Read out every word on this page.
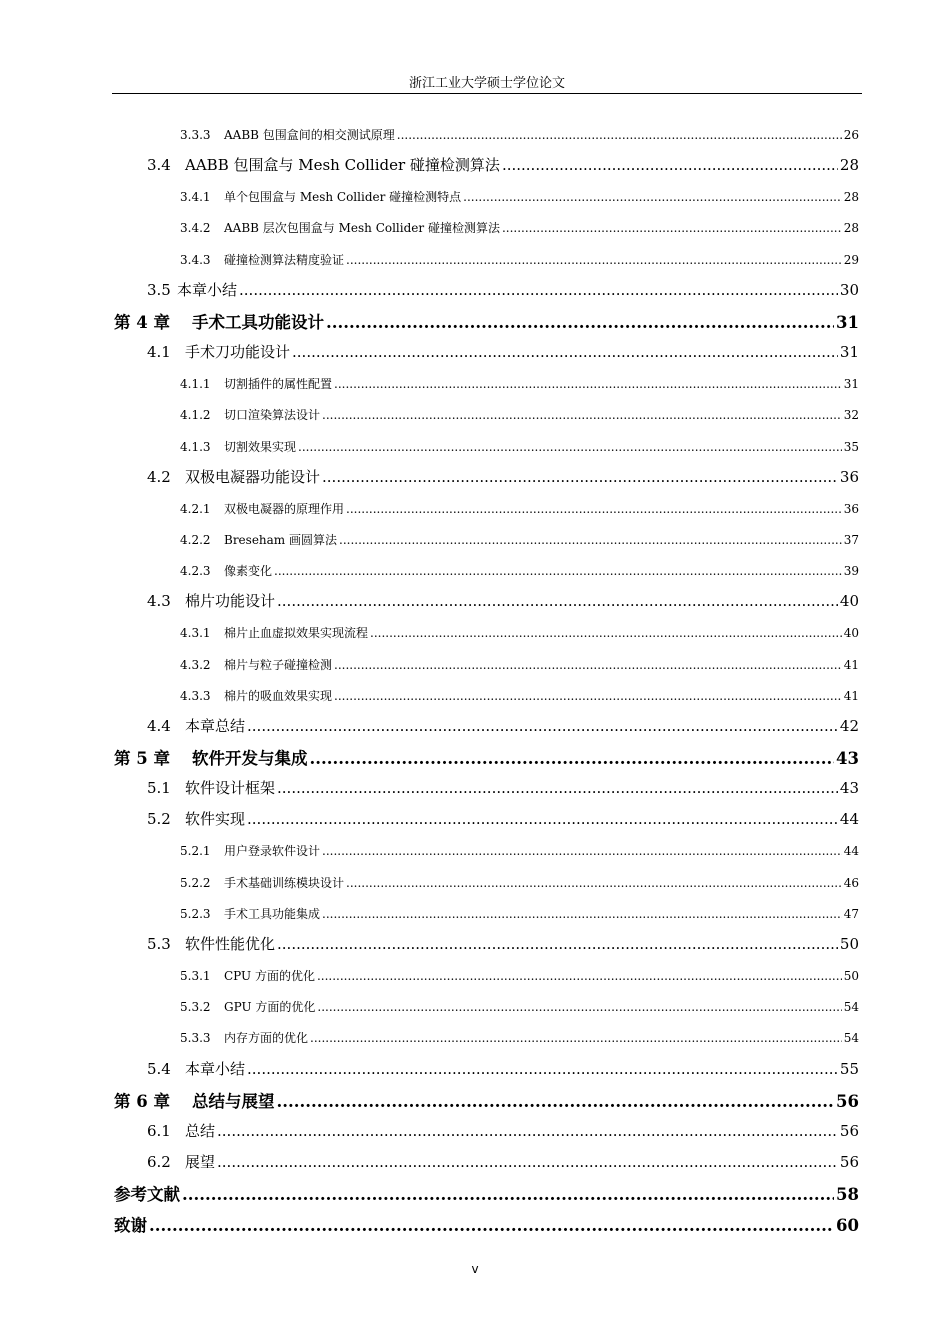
浙江工业大学硕士学位论文
3.3.3	AABB 包围盒间的相交测试原理 .....	26
3.4 AABB 包围盒与 Mesh Collider 碰撞检测算法 .....	28
3.4.1	单个包围盒与 Mesh Collider 碰撞检测特点 .....	28
3.4.2	AABB 层次包围盒与 Mesh Collider 碰撞检测算法 .....	28
3.4.3	碰撞检测算法精度验证 .....	29
3.5 本章小结 .....	30
第 4 章	手术工具功能设计 .....	31
4.1 手术刀功能设计 .....	31
4.1.1	切割插件的属性配置 .....	31
4.1.2	切口渲染算法设计 .....	32
4.1.3	切割效果实现 .....	35
4.2 双极电凝器功能设计 .....	36
4.2.1	双极电凝器的原理作用 .....	36
4.2.2	Breseham 画圆算法 .....	37
4.2.3	像素变化 .....	39
4.3 棉片功能设计 .....	40
4.3.1	棉片止血虚拟效果实现流程 .....	40
4.3.2	棉片与粒子碰撞检测 .....	41
4.3.3	棉片的吸血效果实现 .....	41
4.4 本章总结 .....	42
第 5 章	软件开发与集成 .....	43
5.1 软件设计框架 .....	43
5.2 软件实现 .....	44
5.2.1	用户登录软件设计 .....	44
5.2.2	手术基础训练模块设计 .....	46
5.2.3	手术工具功能集成 .....	47
5.3 软件性能优化 .....	50
5.3.1	CPU 方面的优化 .....	50
5.3.2	GPU 方面的优化 .....	54
5.3.3	内存方面的优化 .....	54
5.4 本章小结 .....	55
第 6 章	总结与展望 .....	56
6.1 总结 .....	56
6.2 展望 .....	56
参考文献 .....	58
致谢 .....	60
v
